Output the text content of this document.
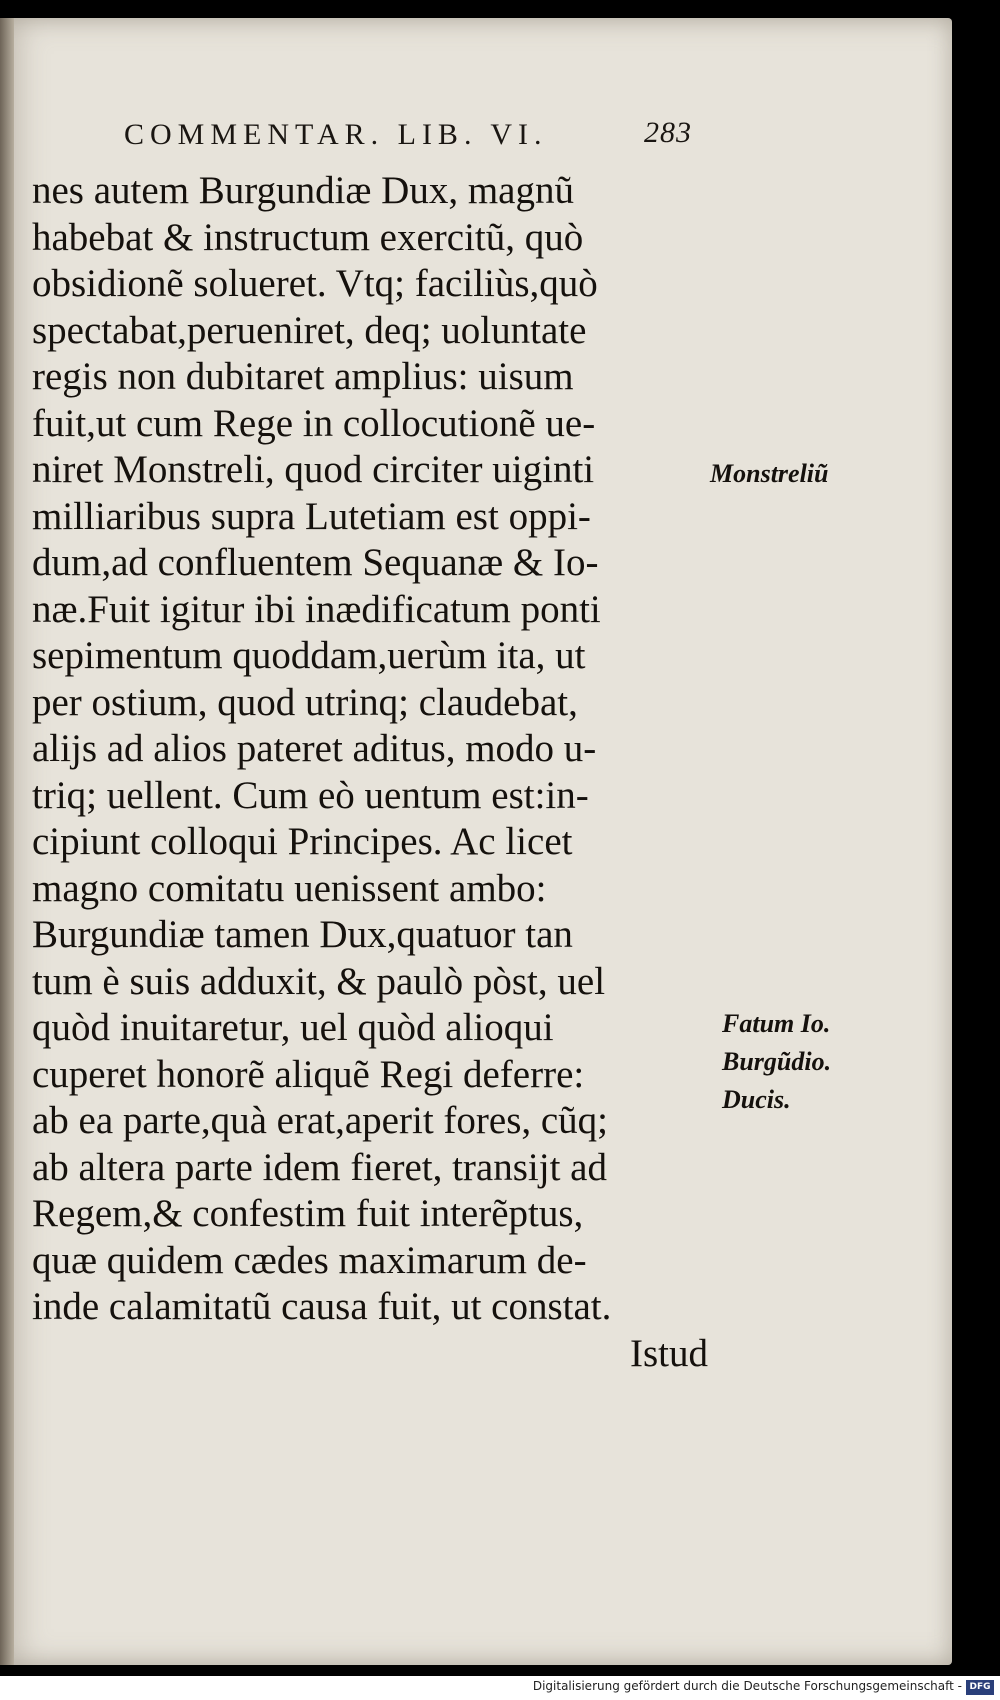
COMMENTAR. LIB. VI.	283
nes autem Burgundiæ Dux, magnũ
habebat & instructum exercitũ, quò
obsidionẽ solueret. Vtq; faciliùs,quò
spectabat,perueniret, deq; uoluntate
regis non dubitaret amplius: uisum
fuit,ut cum Rege in collocutionẽ ue-
niret Monstreli, quod circiter uiginti
milliaribus supra Lutetiam est oppi-
dum,ad confluentem Sequanæ & Io-
næ.Fuit igitur ibi inædificatum ponti
sepimentum quoddam,uerùm ita, ut
per ostium, quod utrinq; claudebat,
alijs ad alios pateret aditus, modo u-
triq; uellent. Cum eò uentum est:in-
cipiunt colloqui Principes. Ac licet
magno comitatu uenissent ambo:
Burgundiæ tamen Dux,quatuor tan
tum è suis adduxit, & paulò pòst, uel
quòd inuitaretur, uel quòd alioqui
cuperet honorẽ aliquẽ Regi deferre:
ab ea parte,quà erat,aperit fores, cũq;
ab altera parte idem fieret, transijt ad
Regem,& confestim fuit interẽptus,
quæ quidem cædes maximarum de-
inde calamitatũ causa fuit, ut constat.
Istud
Monstreliũ
Fatum Io.
Burgũdio.
Ducis.
Digitalisierung gefördert durch die Deutsche Forschungsgemeinschaft - DFG
